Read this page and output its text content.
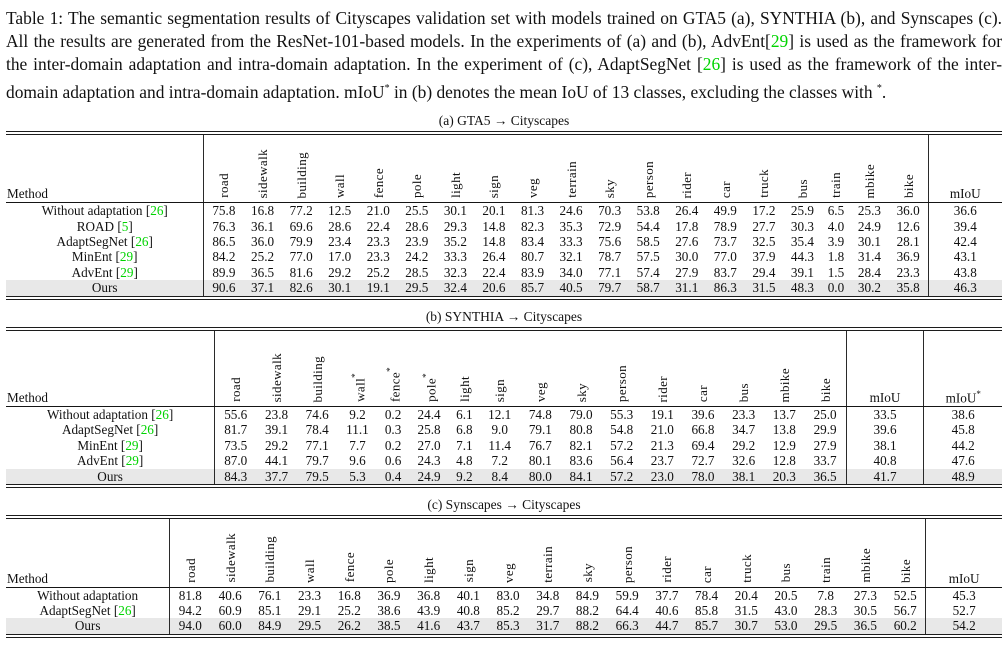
Table 1: The semantic segmentation results of Cityscapes validation set with models trained on GTA5 (a), SYNTHIA (b), and Synscapes (c). All the results are generated from the ResNet-101-based models. In the experiments of (a) and (b), AdvEnt[29] is used as the framework for the inter-domain adaptation and intra-domain adaptation. In the experiment of (c), AdaptSegNet [26] is used as the framework of the inter-domain adaptation and intra-domain adaptation. mIoU* in (b) denotes the mean IoU of 13 classes, excluding the classes with *.

(a) GTA5 → Cityscapes
Method	road	sidewalk	building	wall	fence	pole	light	sign	veg	terrain	sky	person	rider	car	truck	bus	train	mbike	bike	mIoU
Without adaptation [26]	75.8	16.8	77.2	12.5	21.0	25.5	30.1	20.1	81.3	24.6	70.3	53.8	26.4	49.9	17.2	25.9	6.5	25.3	36.0	36.6
ROAD [5]	76.3	36.1	69.6	28.6	22.4	28.6	29.3	14.8	82.3	35.3	72.9	54.4	17.8	78.9	27.7	30.3	4.0	24.9	12.6	39.4
AdaptSegNet [26]	86.5	36.0	79.9	23.4	23.3	23.9	35.2	14.8	83.4	33.3	75.6	58.5	27.6	73.7	32.5	35.4	3.9	30.1	28.1	42.4
MinEnt [29]	84.2	25.2	77.0	17.0	23.3	24.2	33.3	26.4	80.7	32.1	78.7	57.5	30.0	77.0	37.9	44.3	1.8	31.4	36.9	43.1
AdvEnt [29]	89.9	36.5	81.6	29.2	25.2	28.5	32.3	22.4	83.9	34.0	77.1	57.4	27.9	83.7	29.4	39.1	1.5	28.4	23.3	43.8
Ours	90.6	37.1	82.6	30.1	19.1	29.5	32.4	20.6	85.7	40.5	79.7	58.7	31.1	86.3	31.5	48.3	0.0	30.2	35.8	46.3
(b) SYNTHIA → Cityscapes
Method	road	sidewalk	building	wall*	fence*	pole*	light	sign	veg	sky	person	rider	car	bus	mbike	bike	mIoU	mIoU*
Without adaptation [26]	55.6	23.8	74.6	9.2	0.2	24.4	6.1	12.1	74.8	79.0	55.3	19.1	39.6	23.3	13.7	25.0	33.5	38.6
AdaptSegNet [26]	81.7	39.1	78.4	11.1	0.3	25.8	6.8	9.0	79.1	80.8	54.8	21.0	66.8	34.7	13.8	29.9	39.6	45.8
MinEnt [29]	73.5	29.2	77.1	7.7	0.2	27.0	7.1	11.4	76.7	82.1	57.2	21.3	69.4	29.2	12.9	27.9	38.1	44.2
AdvEnt [29]	87.0	44.1	79.7	9.6	0.6	24.3	4.8	7.2	80.1	83.6	56.4	23.7	72.7	32.6	12.8	33.7	40.8	47.6
Ours	84.3	37.7	79.5	5.3	0.4	24.9	9.2	8.4	80.0	84.1	57.2	23.0	78.0	38.1	20.3	36.5	41.7	48.9
(c) Synscapes → Cityscapes
Method	road	sidewalk	building	wall	fence	pole	light	sign	veg	terrain	sky	person	rider	car	truck	bus	train	mbike	bike	mIoU
Without adaptation	81.8	40.6	76.1	23.3	16.8	36.9	36.8	40.1	83.0	34.8	84.9	59.9	37.7	78.4	20.4	20.5	7.8	27.3	52.5	45.3
AdaptSegNet [26]	94.2	60.9	85.1	29.1	25.2	38.6	43.9	40.8	85.2	29.7	88.2	64.4	40.6	85.8	31.5	43.0	28.3	30.5	56.7	52.7
Ours	94.0	60.0	84.9	29.5	26.2	38.5	41.6	43.7	85.3	31.7	88.2	66.3	44.7	85.7	30.7	53.0	29.5	36.5	60.2	54.2
